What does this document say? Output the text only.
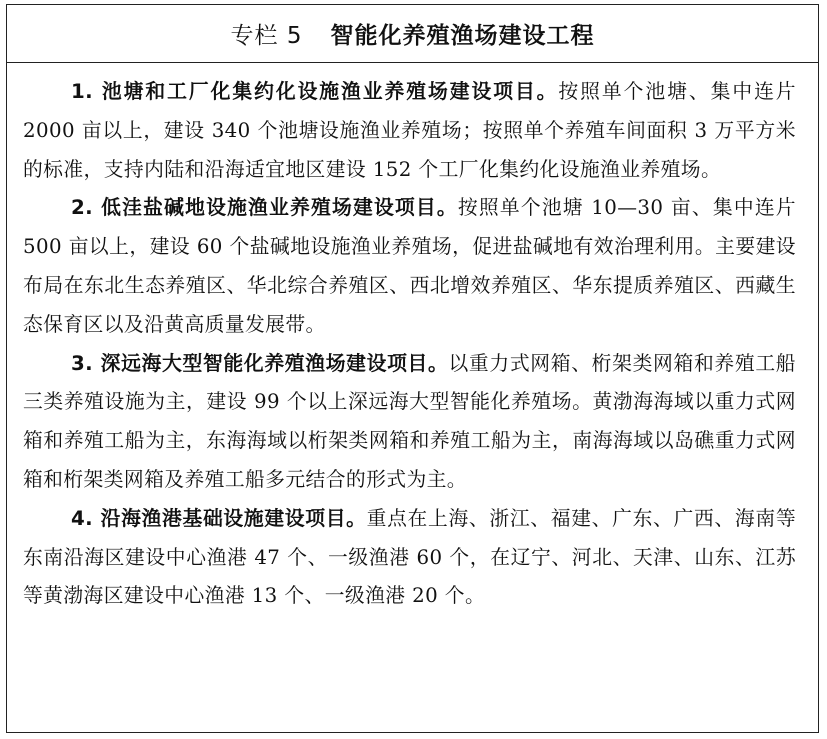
专栏 5 智能化养殖渔场建设工程

1. 池塘和工厂化集约化设施渔业养殖场建设项目。按照单个池塘、集中连片 2000 亩以上，建设 340 个池塘设施渔业养殖场；按照单个养殖车间面积 3 万平方米的标准，支持内陆和沿海适宜地区建设 152 个工厂化集约化设施渔业养殖场。

2. 低洼盐碱地设施渔业养殖场建设项目。按照单个池塘 10—30 亩、集中连片 500 亩以上，建设 60 个盐碱地设施渔业养殖场，促进盐碱地有效治理利用。主要建设布局在东北生态养殖区、华北综合养殖区、西北增效养殖区、华东提质养殖区、西藏生态保育区以及沿黄高质量发展带。

3. 深远海大型智能化养殖渔场建设项目。以重力式网箱、桁架类网箱和养殖工船三类养殖设施为主，建设 99 个以上深远海大型智能化养殖场。黄渤海海域以重力式网箱和养殖工船为主，东海海域以桁架类网箱和养殖工船为主，南海海域以岛礁重力式网箱和桁架类网箱及养殖工船多元结合的形式为主。

4. 沿海渔港基础设施建设项目。重点在上海、浙江、福建、广东、广西、海南等东南沿海区建设中心渔港 47 个、一级渔港 60 个，在辽宁、河北、天津、山东、江苏等黄渤海区建设中心渔港 13 个、一级渔港 20 个。
